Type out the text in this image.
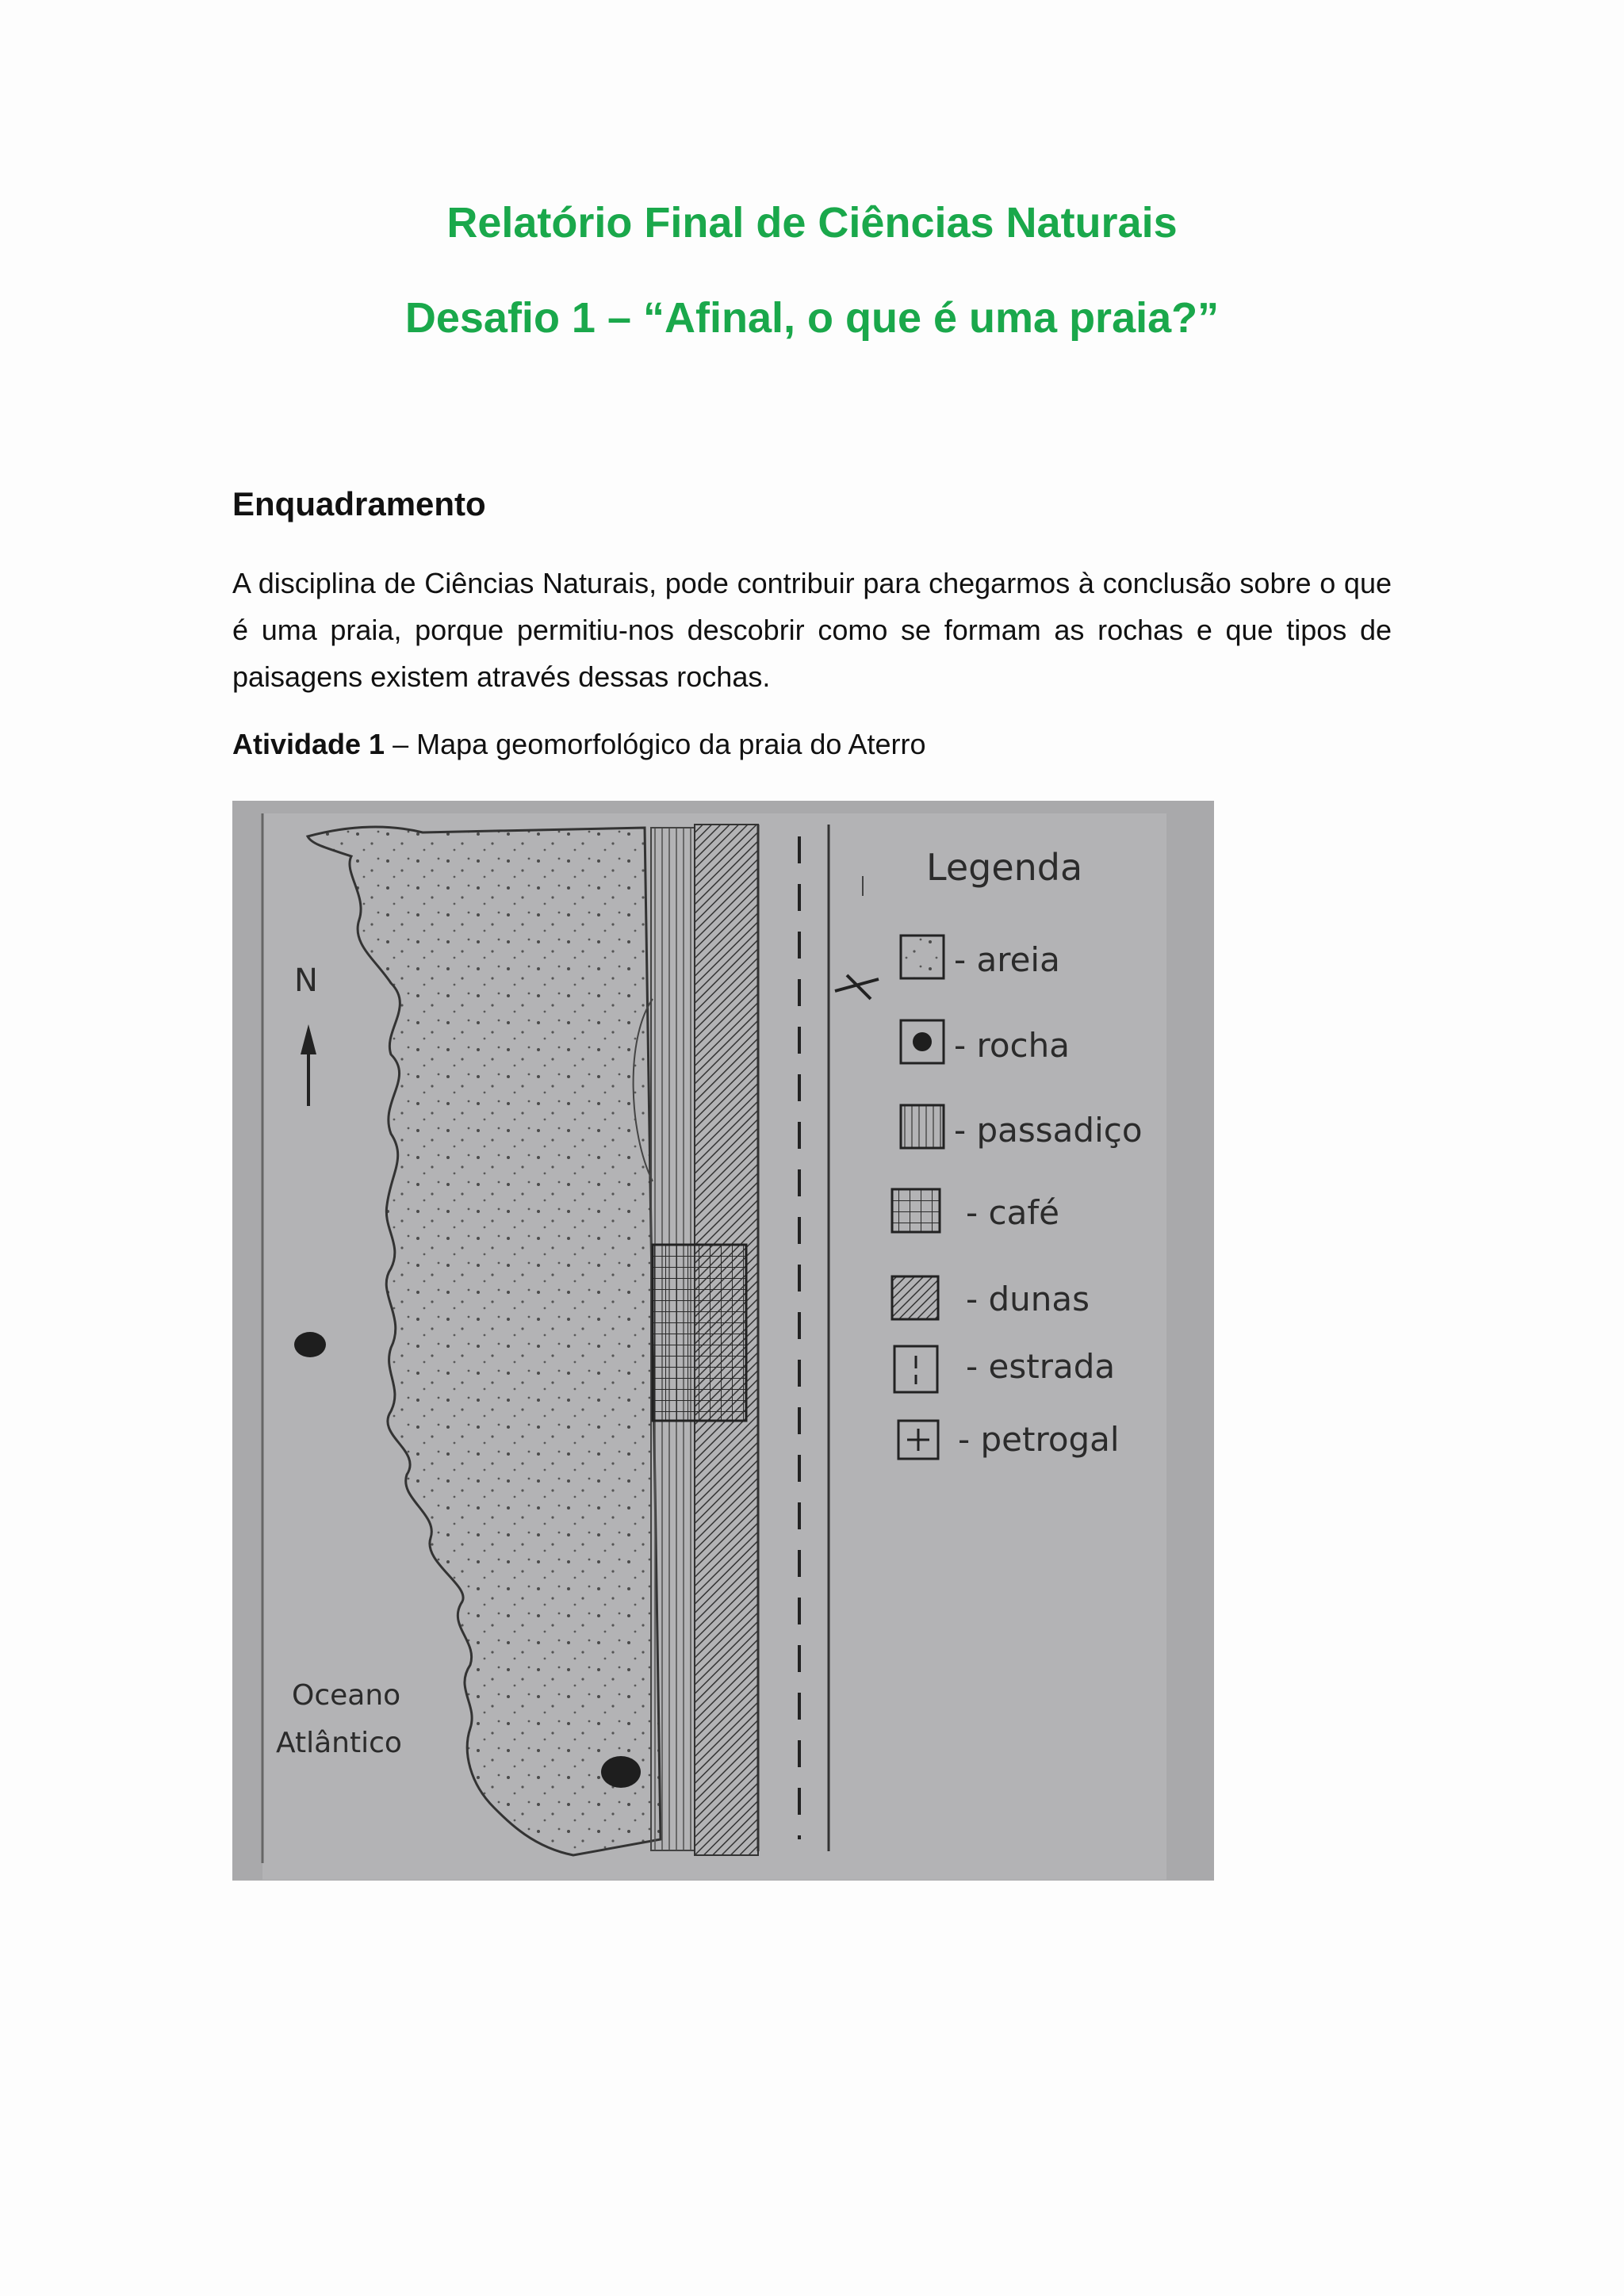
Relatório Final de Ciências Naturais
Desafio 1 – “Afinal, o que é uma praia?”
Enquadramento
A disciplina de Ciências Naturais, pode contribuir para chegarmos à conclusão sobre o que é uma praia, porque permitiu-nos descobrir como se formam as rochas e que tipos de paisagens existem através dessas rochas.
Atividade 1 – Mapa geomorfológico da praia do Aterro
N
Oceano
Atlântico
Legenda
- areia
- rocha
- passadiço
- café
- dunas
- estrada
- petrogal
